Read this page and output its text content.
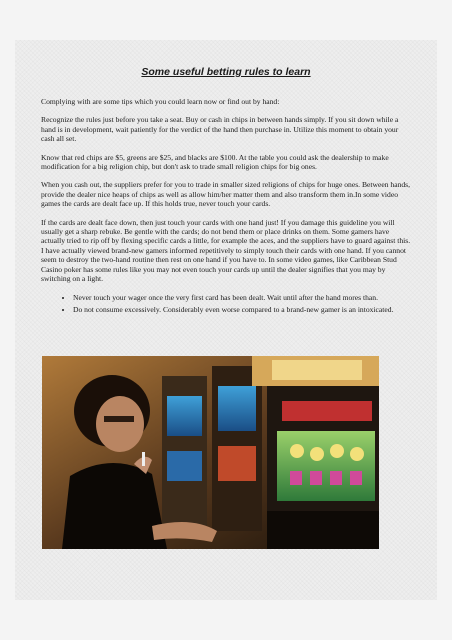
Some useful betting rules to learn

Complying with are some tips which you could learn now or find out by hand:

Recognize the rules just before you take a seat. Buy or cash in chips in between hands simply. If you sit down while a hand is in development, wait patiently for the verdict of the hand then purchase in. Utilize this moment to obtain your cash all set.

Know that red chips are $5, greens are $25, and blacks are $100. At the table you could ask the dealership to make modification for a big religion chip, but don't ask to trade small religion chips for big ones.

When you cash out, the suppliers prefer for you to trade in smaller sized religions of chips for huge ones. Between hands, provide the dealer nice heaps of chips as well as allow him/her matter them and also transform them in.In some video games the cards are dealt face up. If this holds true, never touch your cards.

If the cards are dealt face down, then just touch your cards with one hand just! If you damage this guideline you will usually get a sharp rebuke. Be gentle with the cards; do not bend them or place drinks on them. Some gamers have actually tried to rip off by flexing specific cards a little, for example the aces, and the suppliers have to guard against this. I have actually viewed brand-new gamers informed repetitively to simply touch their cards with one hand. If you cannot seem to destroy the two-hand routine then rest on one hand if you have to. In some video games, like Caribbean Stud Casino poker has some rules like you may not even touch your cards up until the dealer signifies that you may by switching on a light.

• Never touch your wager once the very first card has been dealt. Wait until after the hand mores than.
• Do not consume excessively. Considerably even worse compared to a brand-new gamer is an intoxicated.
